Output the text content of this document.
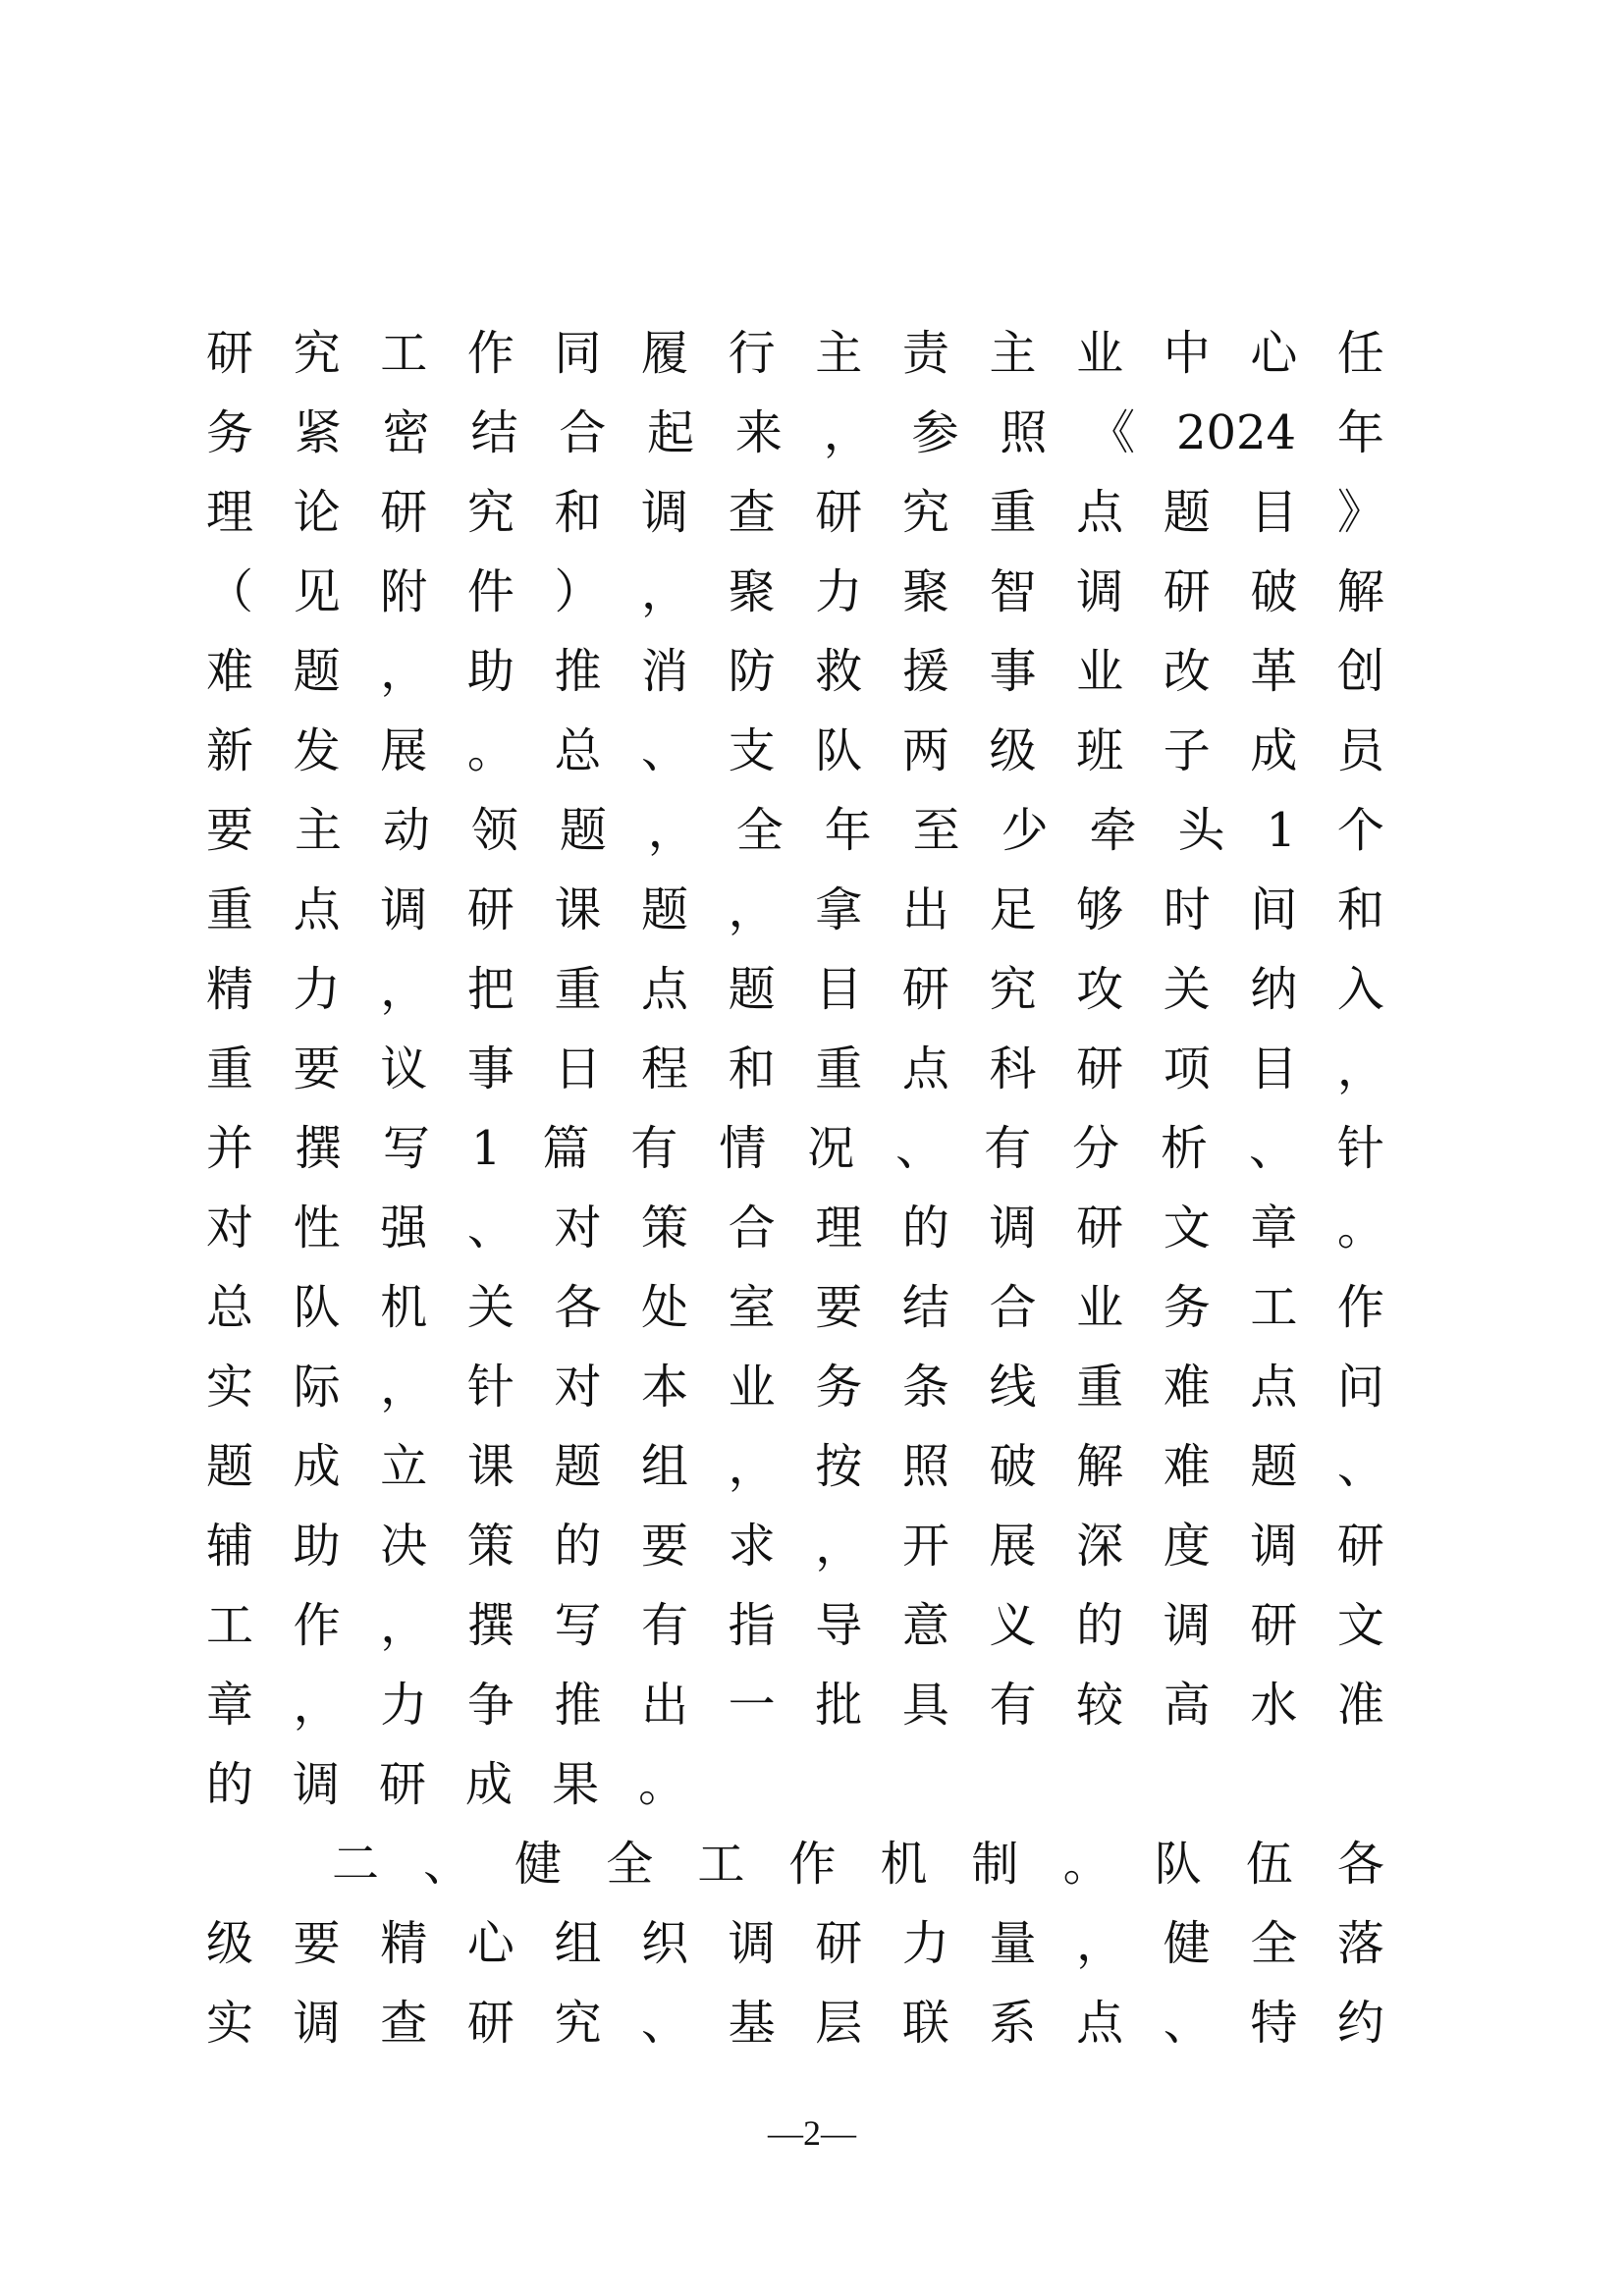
研 究 工 作 同 履 行 主 责 主 业 中 心 任
务 紧 密 结 合 起 来 ， 参 照 《 2024 年
理 论 研 究 和 调 查 研 究 重 点 题 目 》
（ 见 附 件 ） ， 聚 力 聚 智 调 研 破 解
难 题 ， 助 推 消 防 救 援 事 业 改 革 创
新 发 展 。 总 、 支 队 两 级 班 子 成 员
要 主 动 领 题 ， 全 年 至 少 牵 头 1 个
重 点 调 研 课 题 ， 拿 出 足 够 时 间 和
精 力 ， 把 重 点 题 目 研 究 攻 关 纳 入
重 要 议 事 日 程 和 重 点 科 研 项 目 ，
并 撰 写 1 篇 有 情 况 、 有 分 析 、 针
对 性 强 、 对 策 合 理 的 调 研 文 章 。
总 队 机 关 各 处 室 要 结 合 业 务 工 作
实 际 ， 针 对 本 业 务 条 线 重 难 点 问
题 成 立 课 题 组 ， 按 照 破 解 难 题 、
辅 助 决 策 的 要 求 ， 开 展 深 度 调 研
工 作 ， 撰 写 有 指 导 意 义 的 调 研 文
章 ， 力 争 推 出 一 批 具 有 较 高 水 准
的 调 研 成 果 。
二 、 健 全 工 作 机 制 。 队 伍 各
级 要 精 心 组 织 调 研 力 量 ， 健 全 落
实 调 查 研 究 、 基 层 联 系 点 、 特 约
—2—
